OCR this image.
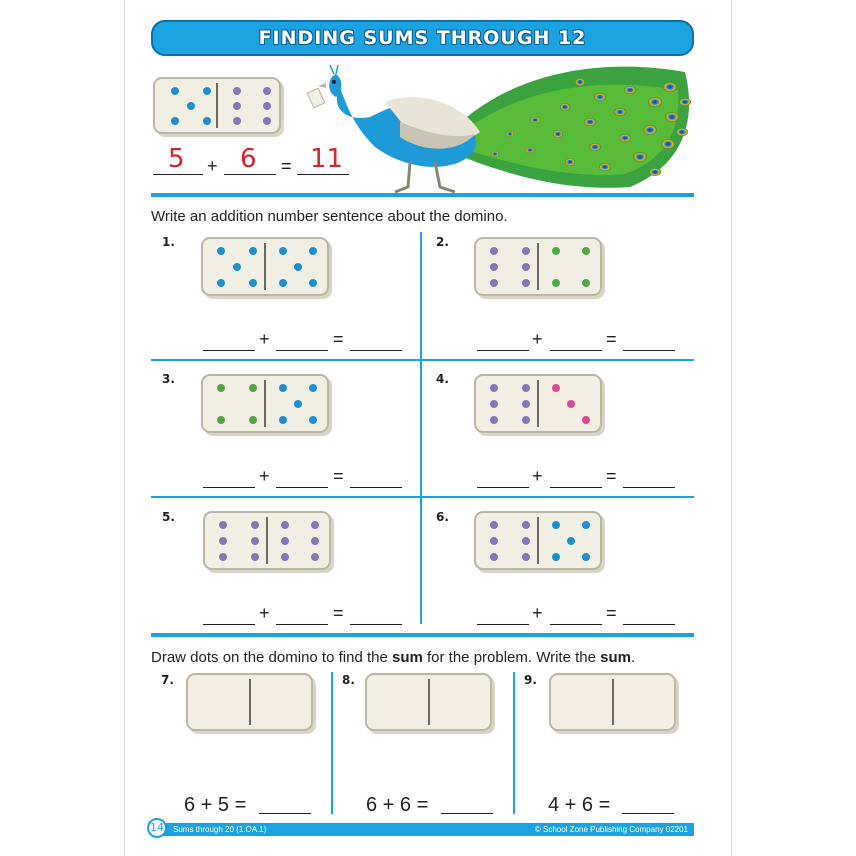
FINDING SUMS THROUGH 12
5 + 6 = 11
Write an addition number sentence about the domino.
1.
+	=
2.
+	=
3.
+	=
4.
+	=
5.
+	=
6.
+	=
Draw dots on the domino to find the sum for the problem. Write the sum.
7.
6 + 5 =
8.
6 + 6 =
9.
4 + 6 =
Sums through 20 (1.OA.1)	© School Zone Publishing Company 02201
14
